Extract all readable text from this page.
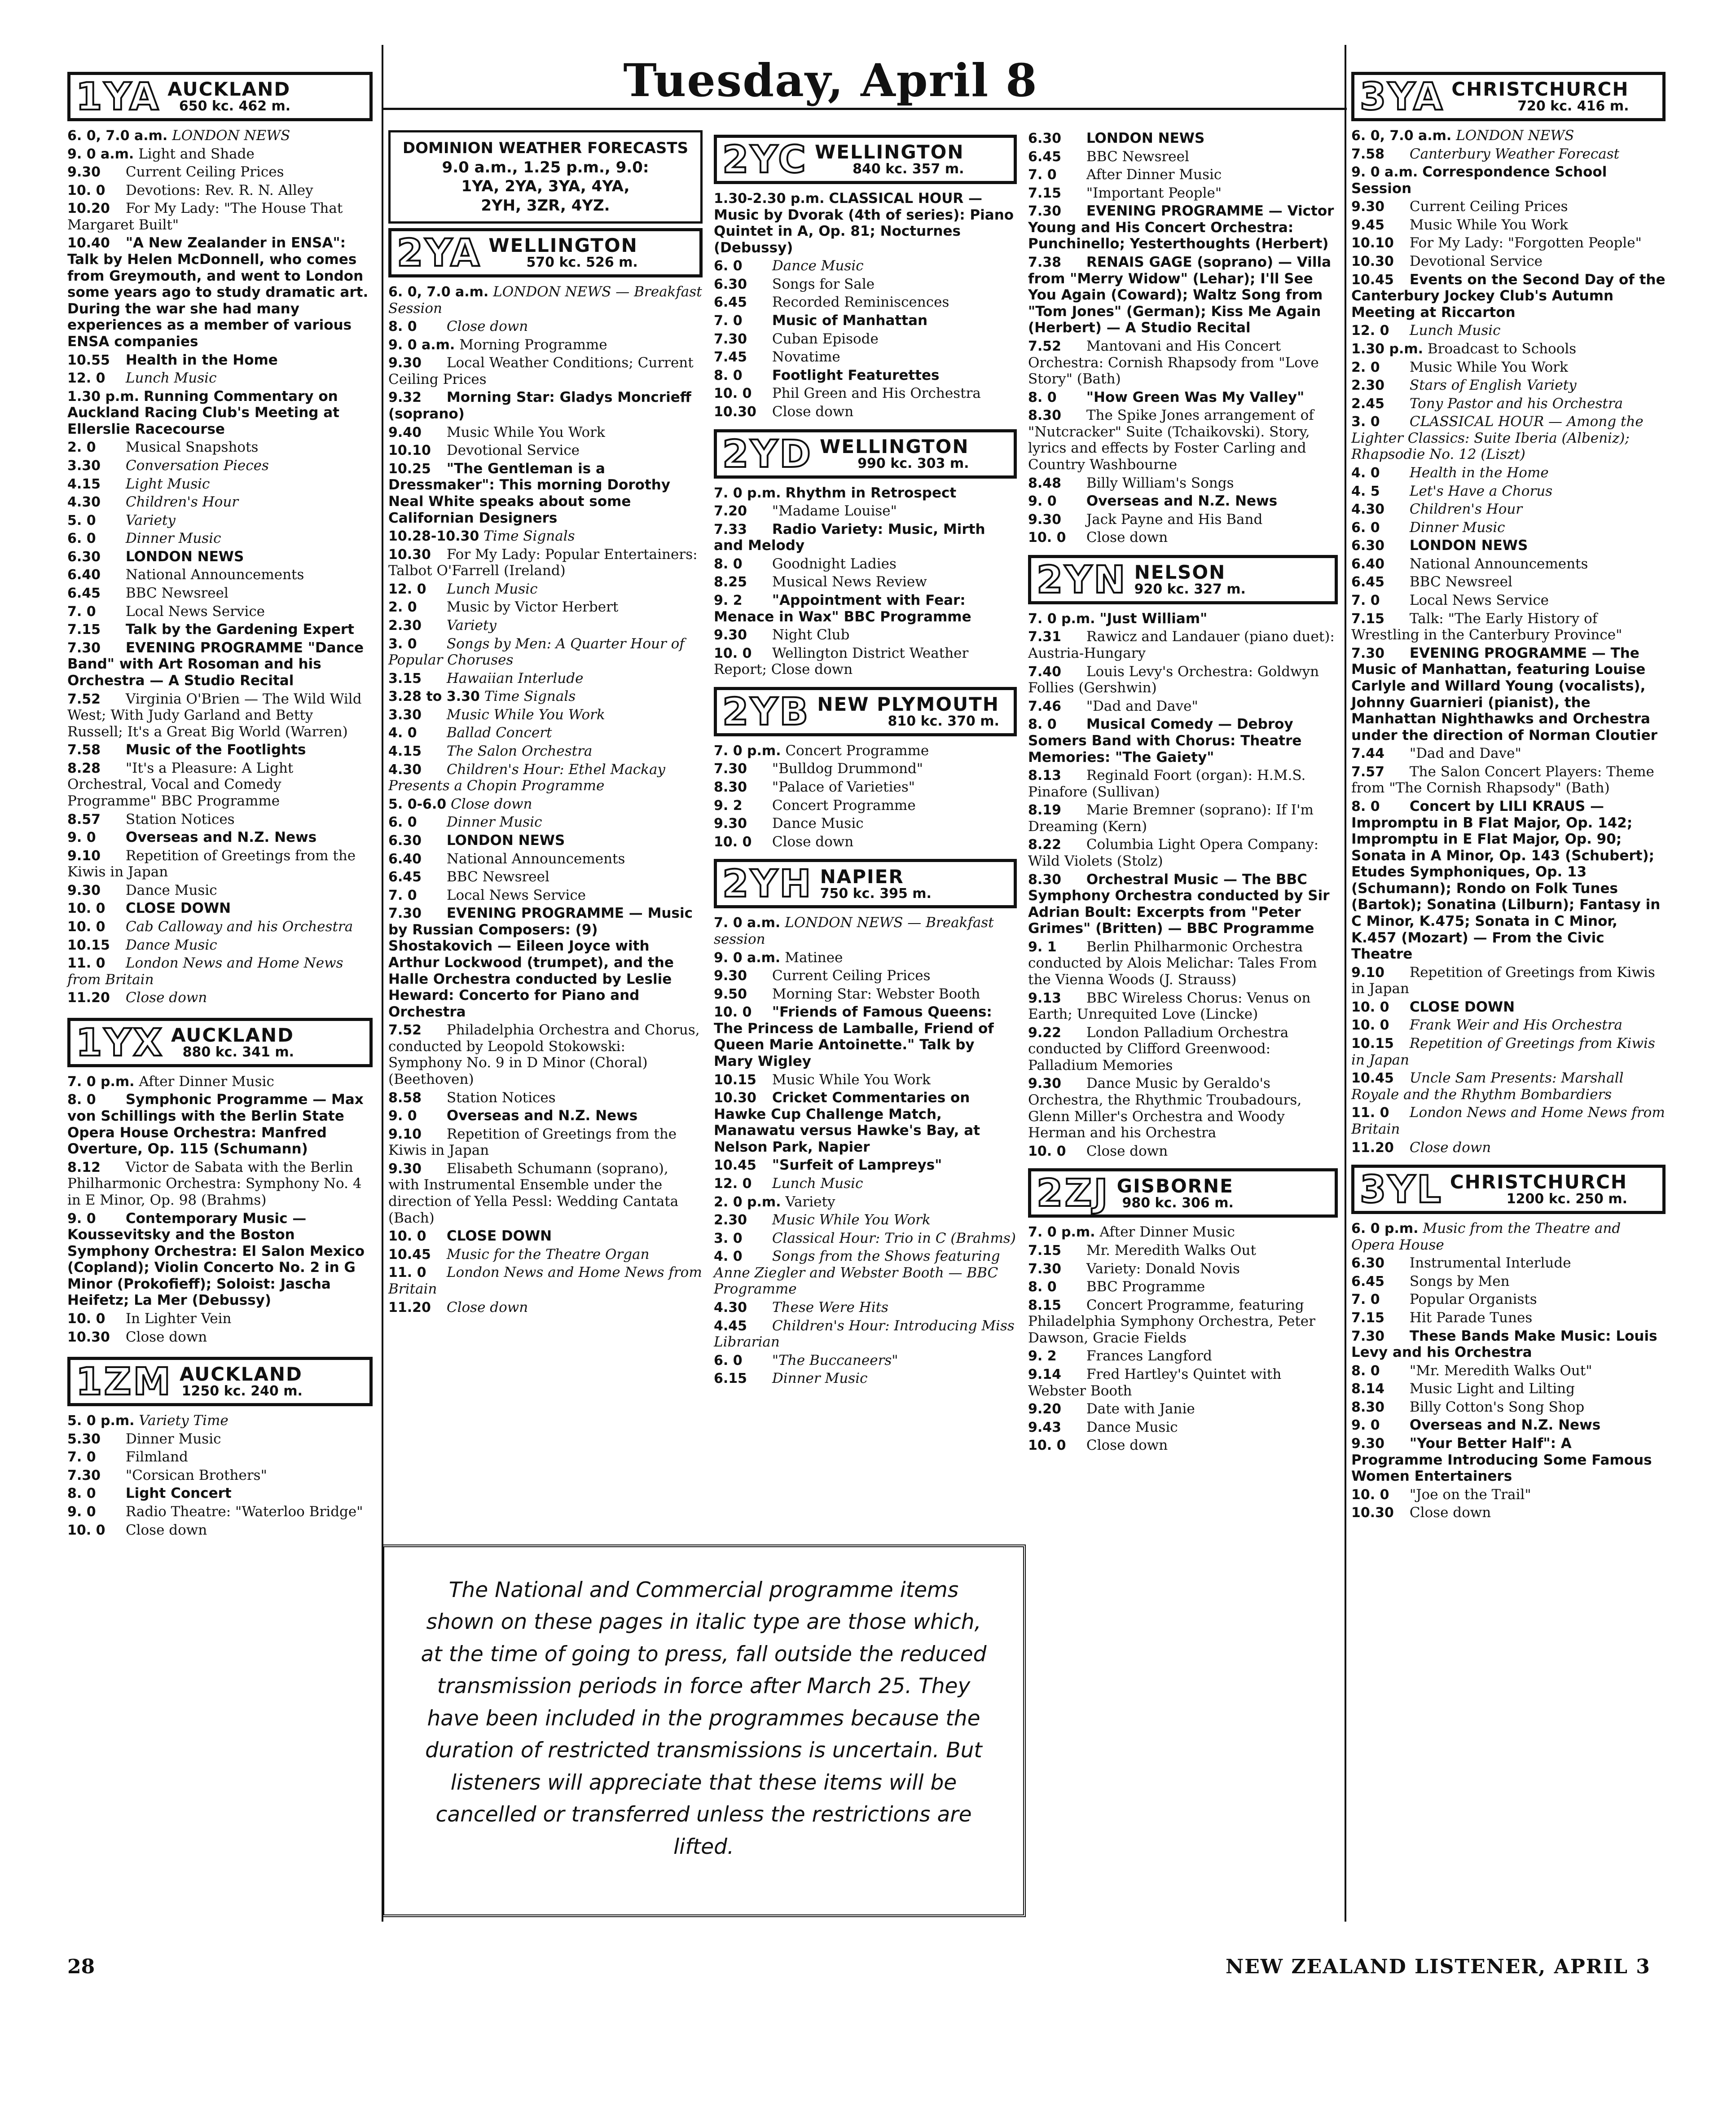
Tuesday, April 8
1YA AUCKLAND
650 kc. 462 m.
6. 0, 7.0 a.m. LONDON NEWS
9. 0 a.m. Light and Shade
9.30 Current Ceiling Prices
10. 0 Devotions: Rev. R. N. Alley
10.20 For My Lady: "The House That Margaret Built"
10.40 "A New Zealander in ENSA": Talk by Helen McDonnell, who comes from Greymouth, and went to London some years ago to study dramatic art. During the war she had many experiences as a member of various ENSA companies
10.55 Health in the Home
12. 0 Lunch Music
1.30 p.m. Running Commentary on Auckland Racing Club's Meeting at Ellerslie Racecourse
2. 0 Musical Snapshots
3.30 Conversation Pieces
4.15 Light Music
4.30 Children's Hour
5. 0 Variety
6. 0 Dinner Music
6.30 LONDON NEWS
6.40 National Announcements
6.45 BBC Newsreel
7. 0 Local News Service
7.15 Talk by the Gardening Expert
7.30 EVENING PROGRAMME "Dance Band" with Art Rosoman and his Orchestra — A Studio Recital
7.52 Virginia O'Brien — The Wild Wild West; With Judy Garland and Betty Russell; It's a Great Big World (Warren)
7.58 Music of the Footlights
8.28 "It's a Pleasure: A Light Orchestral, Vocal and Comedy Programme" BBC Programme
8.57 Station Notices
9. 0 Overseas and N.Z. News
9.10 Repetition of Greetings from the Kiwis in Japan
9.30 Dance Music
10. 0 CLOSE DOWN
10. 0 Cab Calloway and his Orchestra
10.15 Dance Music
11. 0 London News and Home News from Britain
11.20 Close down
1YX AUCKLAND
880 kc. 341 m.
7. 0 p.m. After Dinner Music
8. 0 Symphonic Programme — Max von Schillings with the Berlin State Opera House Orchestra: Manfred Overture, Op. 115 (Schumann)
8.12 Victor de Sabata with the Berlin Philharmonic Orchestra: Symphony No. 4 in E Minor, Op. 98 (Brahms)
9. 0 Contemporary Music — Koussevitsky and the Boston Symphony Orchestra: El Salon Mexico (Copland); Violin Concerto No. 2 in G Minor (Prokofieff); Soloist: Jascha Heifetz; La Mer (Debussy)
10. 0 In Lighter Vein
10.30 Close down
1ZM AUCKLAND
1250 kc. 240 m.
5. 0 p.m. Variety Time
5.30 Dinner Music
7. 0 Filmland
7.30 "Corsican Brothers"
8. 0 Light Concert
9. 0 Radio Theatre: "Waterloo Bridge"
10. 0 Close down
DOMINION WEATHER FORECASTS
9.0 a.m., 1.25 p.m., 9.0:
1YA, 2YA, 3YA, 4YA,
2YH, 3ZR, 4YZ.
2YA WELLINGTON
570 kc. 526 m.
6. 0, 7.0 a.m. LONDON NEWS — Breakfast Session
8. 0 Close down
9. 0 a.m. Morning Programme
9.30 Local Weather Conditions; Current Ceiling Prices
9.32 Morning Star: Gladys Moncrieff (soprano)
9.40 Music While You Work
10.10 Devotional Service
10.25 "The Gentleman is a Dressmaker": This morning Dorothy Neal White speaks about some Californian Designers
10.28-10.30 Time Signals
10.30 For My Lady: Popular Entertainers: Talbot O'Farrell (Ireland)
12. 0 Lunch Music
2. 0 Music by Victor Herbert
2.30 Variety
3. 0 Songs by Men: A Quarter Hour of Popular Choruses
3.15 Hawaiian Interlude
3.28 to 3.30 Time Signals
3.30 Music While You Work
4. 0 Ballad Concert
4.15 The Salon Orchestra
4.30 Children's Hour: Ethel Mackay Presents a Chopin Programme
5. 0-6.0 Close down
6. 0 Dinner Music
6.30 LONDON NEWS
6.40 National Announcements
6.45 BBC Newsreel
7. 0 Local News Service
7.30 EVENING PROGRAMME — Music by Russian Composers: (9) Shostakovich — Eileen Joyce with Arthur Lockwood (trumpet), and the Halle Orchestra conducted by Leslie Heward: Concerto for Piano and Orchestra
7.52 Philadelphia Orchestra and Chorus, conducted by Leopold Stokowski: Symphony No. 9 in D Minor (Choral) (Beethoven)
8.58 Station Notices
9. 0 Overseas and N.Z. News
9.10 Repetition of Greetings from the Kiwis in Japan
9.30 Elisabeth Schumann (soprano), with Instrumental Ensemble under the direction of Yella Pessl: Wedding Cantata (Bach)
10. 0 CLOSE DOWN
10.45 Music for the Theatre Organ
11. 0 London News and Home News from Britain
11.20 Close down
2YC WELLINGTON
840 kc. 357 m.
1.30-2.30 p.m. CLASSICAL HOUR — Music by Dvorak (4th of series): Piano Quintet in A, Op. 81; Nocturnes (Debussy)
6. 0 Dance Music
6.30 Songs for Sale
6.45 Recorded Reminiscences
7. 0 Music of Manhattan
7.30 Cuban Episode
7.45 Novatime
8. 0 Footlight Featurettes
10. 0 Phil Green and His Orchestra
10.30 Close down
2YD WELLINGTON
990 kc. 303 m.
7. 0 p.m. Rhythm in Retrospect
7.20 "Madame Louise"
7.33 Radio Variety: Music, Mirth and Melody
8. 0 Goodnight Ladies
8.25 Musical News Review
9. 2 "Appointment with Fear: Menace in Wax" BBC Programme
9.30 Night Club
10. 0 Wellington District Weather Report; Close down
2YB NEW PLYMOUTH
810 kc. 370 m.
7. 0 p.m. Concert Programme
7.30 "Bulldog Drummond"
8.30 "Palace of Varieties"
9. 2 Concert Programme
9.30 Dance Music
10. 0 Close down
2YH NAPIER
750 kc. 395 m.
7. 0 a.m. LONDON NEWS — Breakfast session
9. 0 a.m. Matinee
9.30 Current Ceiling Prices
9.50 Morning Star: Webster Booth
10. 0 "Friends of Famous Queens: The Princess de Lamballe, Friend of Queen Marie Antoinette." Talk by Mary Wigley
10.15 Music While You Work
10.30 Cricket Commentaries on Hawke Cup Challenge Match, Manawatu versus Hawke's Bay, at Nelson Park, Napier
10.45 "Surfeit of Lampreys"
12. 0 Lunch Music
2. 0 p.m. Variety
2.30 Music While You Work
3. 0 Classical Hour: Trio in C (Brahms)
4. 0 Songs from the Shows featuring Anne Ziegler and Webster Booth — BBC Programme
4.30 These Were Hits
4.45 Children's Hour: Introducing Miss Librarian
6. 0 "The Buccaneers"
6.15 Dinner Music
6.30 LONDON NEWS
6.45 BBC Newsreel
7. 0 After Dinner Music
7.15 "Important People"
7.30 EVENING PROGRAMME — Victor Young and His Concert Orchestra: Punchinello; Yesterthoughts (Herbert)
7.38 RENAIS GAGE (soprano) — Villa from "Merry Widow" (Lehar); I'll See You Again (Coward); Waltz Song from "Tom Jones" (German); Kiss Me Again (Herbert) — A Studio Recital
7.52 Mantovani and His Concert Orchestra: Cornish Rhapsody from "Love Story" (Bath)
8. 0 "How Green Was My Valley"
8.30 The Spike Jones arrangement of "Nutcracker" Suite (Tchaikovski). Story, lyrics and effects by Foster Carling and Country Washbourne
8.48 Billy William's Songs
9. 0 Overseas and N.Z. News
9.30 Jack Payne and His Band
10. 0 Close down
2YN NELSON
920 kc. 327 m.
7. 0 p.m. "Just William"
7.31 Rawicz and Landauer (piano duet): Austria-Hungary
7.40 Louis Levy's Orchestra: Goldwyn Follies (Gershwin)
7.46 "Dad and Dave"
8. 0 Musical Comedy — Debroy Somers Band with Chorus: Theatre Memories: "The Gaiety"
8.13 Reginald Foort (organ): H.M.S. Pinafore (Sullivan)
8.19 Marie Bremner (soprano): If I'm Dreaming (Kern)
8.22 Columbia Light Opera Company: Wild Violets (Stolz)
8.30 Orchestral Music — The BBC Symphony Orchestra conducted by Sir Adrian Boult: Excerpts from "Peter Grimes" (Britten) — BBC Programme
9. 1 Berlin Philharmonic Orchestra conducted by Alois Melichar: Tales From the Vienna Woods (J. Strauss)
9.13 BBC Wireless Chorus: Venus on Earth; Unrequited Love (Lincke)
9.22 London Palladium Orchestra conducted by Clifford Greenwood: Palladium Memories
9.30 Dance Music by Geraldo's Orchestra, the Rhythmic Troubadours, Glenn Miller's Orchestra and Woody Herman and his Orchestra
10. 0 Close down
2ZJ GISBORNE
980 kc. 306 m.
7. 0 p.m. After Dinner Music
7.15 Mr. Meredith Walks Out
7.30 Variety: Donald Novis
8. 0 BBC Programme
8.15 Concert Programme, featuring Philadelphia Symphony Orchestra, Peter Dawson, Gracie Fields
9. 2 Frances Langford
9.14 Fred Hartley's Quintet with Webster Booth
9.20 Date with Janie
9.43 Dance Music
10. 0 Close down
3YA CHRISTCHURCH
720 kc. 416 m.
6. 0, 7.0 a.m. LONDON NEWS
7.58 Canterbury Weather Forecast
9. 0 a.m. Correspondence School Session
9.30 Current Ceiling Prices
9.45 Music While You Work
10.10 For My Lady: "Forgotten People"
10.30 Devotional Service
10.45 Events on the Second Day of the Canterbury Jockey Club's Autumn Meeting at Riccarton
12. 0 Lunch Music
1.30 p.m. Broadcast to Schools
2. 0 Music While You Work
2.30 Stars of English Variety
2.45 Tony Pastor and his Orchestra
3. 0 CLASSICAL HOUR — Among the Lighter Classics: Suite Iberia (Albeniz); Rhapsodie No. 12 (Liszt)
4. 0 Health in the Home
4. 5 Let's Have a Chorus
4.30 Children's Hour
6. 0 Dinner Music
6.30 LONDON NEWS
6.40 National Announcements
6.45 BBC Newsreel
7. 0 Local News Service
7.15 Talk: "The Early History of Wrestling in the Canterbury Province"
7.30 EVENING PROGRAMME — The Music of Manhattan, featuring Louise Carlyle and Willard Young (vocalists), Johnny Guarnieri (pianist), the Manhattan Nighthawks and Orchestra under the direction of Norman Cloutier
7.44 "Dad and Dave"
7.57 The Salon Concert Players: Theme from "The Cornish Rhapsody" (Bath)
8. 0 Concert by LILI KRAUS — Impromptu in B Flat Major, Op. 142; Impromptu in E Flat Major, Op. 90; Sonata in A Minor, Op. 143 (Schubert); Etudes Symphoniques, Op. 13 (Schumann); Rondo on Folk Tunes (Bartok); Sonatina (Lilburn); Fantasy in C Minor, K.475; Sonata in C Minor, K.457 (Mozart) — From the Civic Theatre
9.10 Repetition of Greetings from Kiwis in Japan
10. 0 CLOSE DOWN
10. 0 Frank Weir and His Orchestra
10.15 Repetition of Greetings from Kiwis in Japan
10.45 Uncle Sam Presents: Marshall Royale and the Rhythm Bombardiers
11. 0 London News and Home News from Britain
11.20 Close down
3YL CHRISTCHURCH
1200 kc. 250 m.
6. 0 p.m. Music from the Theatre and Opera House
6.30 Instrumental Interlude
6.45 Songs by Men
7. 0 Popular Organists
7.15 Hit Parade Tunes
7.30 These Bands Make Music: Louis Levy and his Orchestra
8. 0 "Mr. Meredith Walks Out"
8.14 Music Light and Lilting
8.30 Billy Cotton's Song Shop
9. 0 Overseas and N.Z. News
9.30 "Your Better Half": A Programme Introducing Some Famous Women Entertainers
10. 0 "Joe on the Trail"
10.30 Close down

The National and Commercial programme items shown on these pages in italic type are those which, at the time of going to press, fall outside the reduced transmission periods in force after March 25. They have been included in the programmes because the duration of restricted transmissions is uncertain. But listeners will appreciate that these items will be cancelled or transferred unless the restrictions are lifted.

28	NEW ZEALAND LISTENER, APRIL 3
